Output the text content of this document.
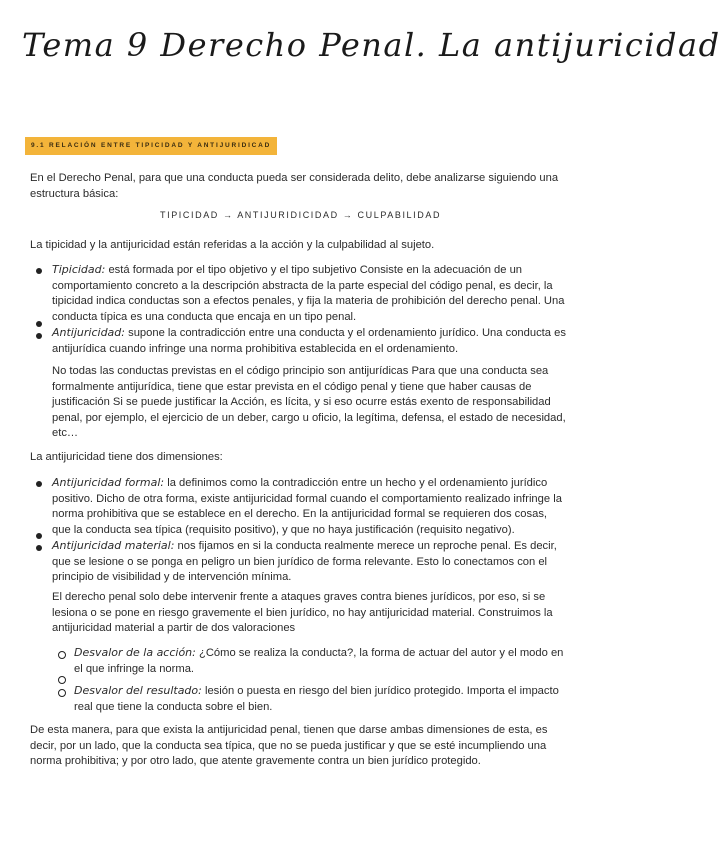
Tema 9 Derecho Penal. La antijuricidad
9.1 RELACIÓN ENTRE TIPICIDAD Y ANTIJURIDICAD
En el Derecho Penal, para que una conducta pueda ser considerada delito, debe analizarse siguiendo una estructura básica:
TIPICIDAD → ANTIJURIDICIDAD → CULPABILIDAD
La tipicidad y la antijuricidad están referidas a la acción y la culpabilidad al sujeto.
Tipicidad: está formada por el tipo objetivo y el tipo subjetivo Consiste en la adecuación de un comportamiento concreto a la descripción abstracta de la parte especial del código penal, es decir, la tipicidad indica conductas son a efectos penales, y fija la materia de prohibición del derecho penal. Una conducta típica es una conducta que encaja en un tipo penal.
Antijuricidad: supone la contradicción entre una conducta y el ordenamiento jurídico. Una conducta es antijurídica cuando infringe una norma prohibitiva establecida en el ordenamiento.
No todas las conductas previstas en el código principio son antijurídicas Para que una conducta sea formalmente antijurídica, tiene que estar prevista en el código penal y tiene que haber causas de justificación Si se puede justificar la Acción, es lícita, y si eso ocurre estás exento de responsabilidad penal, por ejemplo, el ejercicio de un deber, cargo u oficio, la legítima, defensa, el estado de necesidad, etc…
La antijuricidad tiene dos dimensiones:
Antijuricidad formal: la definimos como la contradicción entre un hecho y el ordenamiento jurídico positivo. Dicho de otra forma, existe antijuricidad formal cuando el comportamiento realizado infringe la norma prohibitiva que se establece en el derecho. En la antijuricidad formal se requieren dos cosas, que la conducta sea típica (requisito positivo), y que no haya justificación (requisito negativo).
Antijuricidad material: nos fijamos en si la conducta realmente merece un reproche penal. Es decir, que se lesione o se ponga en peligro un bien jurídico de forma relevante. Esto lo conectamos con el principio de visibilidad y de intervención mínima.
El derecho penal solo debe intervenir frente a ataques graves contra bienes jurídicos, por eso, si se lesiona o se pone en riesgo gravemente el bien jurídico, no hay antijuricidad material. Construimos la antijuricidad material a partir de dos valoraciones
Desvalor de la acción: ¿Cómo se realiza la conducta?, la forma de actuar del autor y el modo en el que infringe la norma.
Desvalor del resultado: lesión o puesta en riesgo del bien jurídico protegido. Importa el impacto real que tiene la conducta sobre el bien.
De esta manera, para que exista la antijuricidad penal, tienen que darse ambas dimensiones de esta, es decir, por un lado, que la conducta sea típica, que no se pueda justificar y que se esté incumpliendo una norma prohibitiva; y por otro lado, que atente gravemente contra un bien jurídico protegido.
